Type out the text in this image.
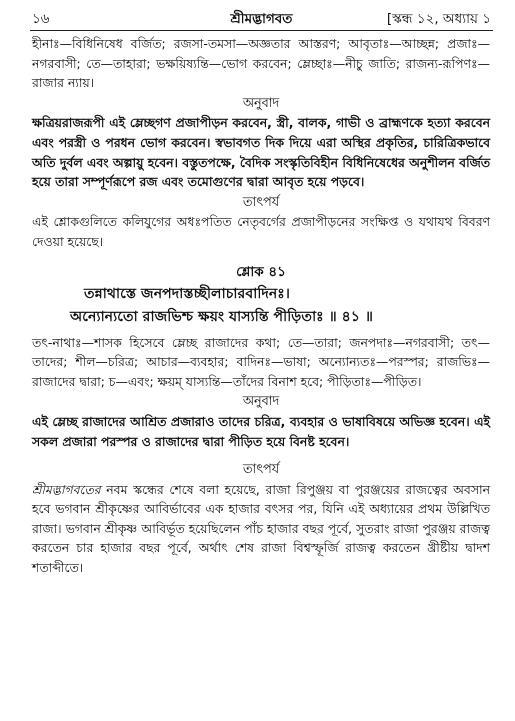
১৬	শ্রীমদ্ভাগবত	[স্কন্ধ ১২, অধ্যায় ১

হীনাঃ—বিধিনিষেধ বর্জিত; রজসা-তমসা—অজ্ঞতার আস্তরণ; আবৃতাঃ—আচ্ছন্ন; প্রজাঃ—নগরবাসী; তে—তাহারা; ভক্ষয়িষ্যন্তি—ভোগ করবেন; ম্লেচ্ছাঃ—নীচু জাতি; রাজন্য-রূপিণঃ—রাজার ন্যায়।

অনুবাদ

ক্ষত্রিয়রাজরূপী এই ম্লেচ্ছগণ প্রজাপীড়ন করবেন, স্ত্রী, বালক, গাভী ও ব্রাহ্মণকে হত্যা করবেন এবং পরস্ত্রী ও পরধন ভোগ করবেন। স্বভাবগত দিক দিয়ে এরা অস্থির প্রকৃতির, চারিত্রিকভাবে অতি দুর্বল এবং অল্পায়ু হবেন। বস্তুতপক্ষে, বৈদিক সংস্কৃতিবিহীন বিধিনিষেধের অনুশীলন বর্জিত হয়ে তারা সম্পূর্ণরূপে রজ এবং তমোগুণের দ্বারা আবৃত হয়ে পড়বে।

তাৎপর্য

এই শ্লোকগুলিতে কলিযুগের অধঃপতিত নেতৃবর্গের প্রজাপীড়নের সংক্ষিপ্ত ও যথাযথ বিবরণ দেওয়া হয়েছে।

শ্লোক ৪১
তন্নাথাস্তে জনপদাস্তচ্ছীলাচারবাদিনঃ।
অন্যোন্যতো রাজভিশ্চ ক্ষয়ং যাস্যন্তি পীড়িতাঃ ॥ ৪১ ॥

তৎ-নাথাঃ—শাসক হিসেবে ম্লেচ্ছ রাজাদের কথা; তে—তারা; জনপদাঃ—নগরবাসী; তৎ—তাদের; শীল—চরিত্র; আচার—ব্যবহার; বাদিনঃ—ভাষা; অন্যোন্যতঃ—পরস্পর; রাজভিঃ—রাজাদের দ্বারা; চ—এবং; ক্ষয়ম্ যাস্যন্তি—তাঁদের বিনাশ হবে; পীড়িতাঃ—পীড়িত।

অনুবাদ

এই ম্লেচ্ছ রাজাদের আশ্রিত প্রজারাও তাদের চরিত্র, ব্যবহার ও ভাষাবিষয়ে অভিজ্ঞ হবেন। এই সকল প্রজারা পরস্পর ও রাজাদের দ্বারা পীড়িত হয়ে বিনষ্ট হবেন।

তাৎপর্য

শ্রীমদ্ভাগবতের নবম স্কন্ধের শেষে বলা হয়েছে, রাজা রিপুঞ্জয় বা পুরঞ্জয়ের রাজত্বের অবসান হবে ভগবান শ্রীকৃষ্ণের আবির্ভাবের এক হাজার বৎসর পর, যিনি এই অধ্যায়ের প্রথম উল্লিখিত রাজা। ভগবান শ্রীকৃষ্ণ আবির্ভূত হয়েছিলেন পাঁচ হাজার বছর পূর্বে, সুতরাং রাজা পুরঞ্জয় রাজত্ব করতেন চার হাজার বছর পূর্বে, অর্থাৎ শেষ রাজা বিশ্বস্ফূর্জি রাজত্ব করতেন খ্রীষ্টীয় দ্বাদশ শতাব্দীতে।
